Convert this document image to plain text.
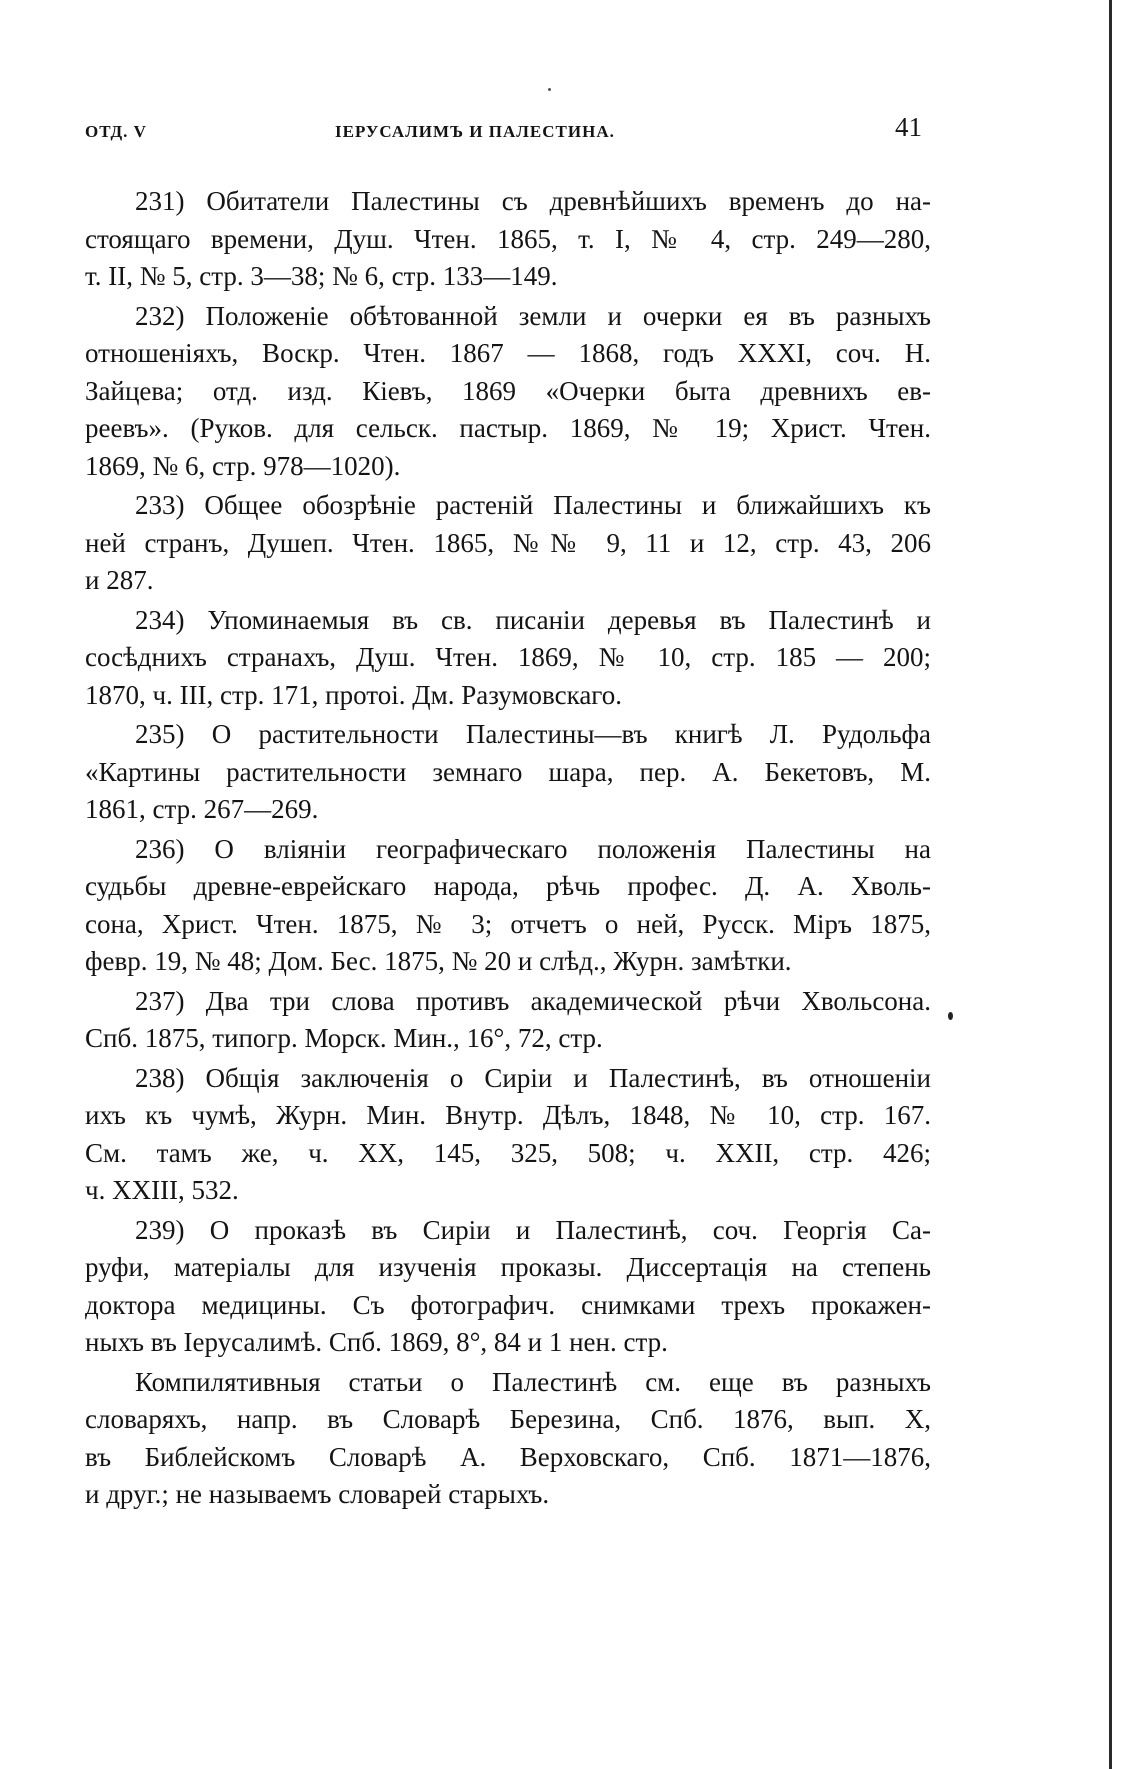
ОТД. V	ІЕРУСАЛИМЪ И ПАЛЕСТИНА.	41
231) Обитатели Палестины съ древнѣйшихъ временъ до на-
стоящаго времени, Душ. Чтен. 1865, т. I, № 4, стр. 249—280,
т. II, № 5, стр. 3—38; № 6, стр. 133—149.
232) Положеніе обѣтованной земли и очерки ея въ разныхъ
отношеніяхъ, Воскр. Чтен. 1867 — 1868, годъ XXXI, соч. Н.
Зайцева; отд. изд. Кіевъ, 1869 «Очерки быта древнихъ ев-
реевъ». (Руков. для сельск. пастыр. 1869, № 19; Христ. Чтен.
1869, № 6, стр. 978—1020).
233) Общее обозрѣніе растеній Палестины и ближайшихъ къ
ней странъ, Душеп. Чтен. 1865, №№ 9, 11 и 12, стр. 43, 206
и 287.
234) Упоминаемыя въ св. писаніи деревья въ Палестинѣ и
сосѣднихъ странахъ, Душ. Чтен. 1869, № 10, стр. 185 — 200;
1870, ч. III, стр. 171, протоі. Дм. Разумовскаго.
235) О растительности Палестины—въ книгѣ Л. Рудольфа
«Картины растительности земнаго шара, пер. А. Бекетовъ, М.
1861, стр. 267—269.
236) О вліяніи географическаго положенія Палестины на
судьбы древне-еврейскаго народа, рѣчь профес. Д. А. Хволь-
сона, Христ. Чтен. 1875, № 3; отчетъ о ней, Русск. Міръ 1875,
февр. 19, № 48; Дом. Бес. 1875, № 20 и слѣд., Журн. замѣтки.
237) Два три слова противъ академической рѣчи Хвольсона.
Спб. 1875, типогр. Морск. Мин., 16°, 72, стр.
238) Общія заключенія о Сиріи и Палестинѣ, въ отношеніи
ихъ къ чумѣ, Журн. Мин. Внутр. Дѣлъ, 1848, № 10, стр. 167.
См. тамъ же, ч. XX, 145, 325, 508; ч. XXII, стр. 426;
ч. XXIII, 532.
239) О проказѣ въ Сиріи и Палестинѣ, соч. Георгія Са-
руфи, матеріалы для изученія проказы. Диссертація на степень
доктора медицины. Съ фотографич. снимками трехъ прокажен-
ныхъ въ Іерусалимѣ. Спб. 1869, 8°, 84 и 1 нен. стр.
Компилятивныя статьи о Палестинѣ см. еще въ разныхъ
словаряхъ, напр. въ Словарѣ Березина, Спб. 1876, вып. X,
въ Библейскомъ Словарѣ А. Верховскаго, Спб. 1871—1876,
и друг.; не называемъ словарей старыхъ.
